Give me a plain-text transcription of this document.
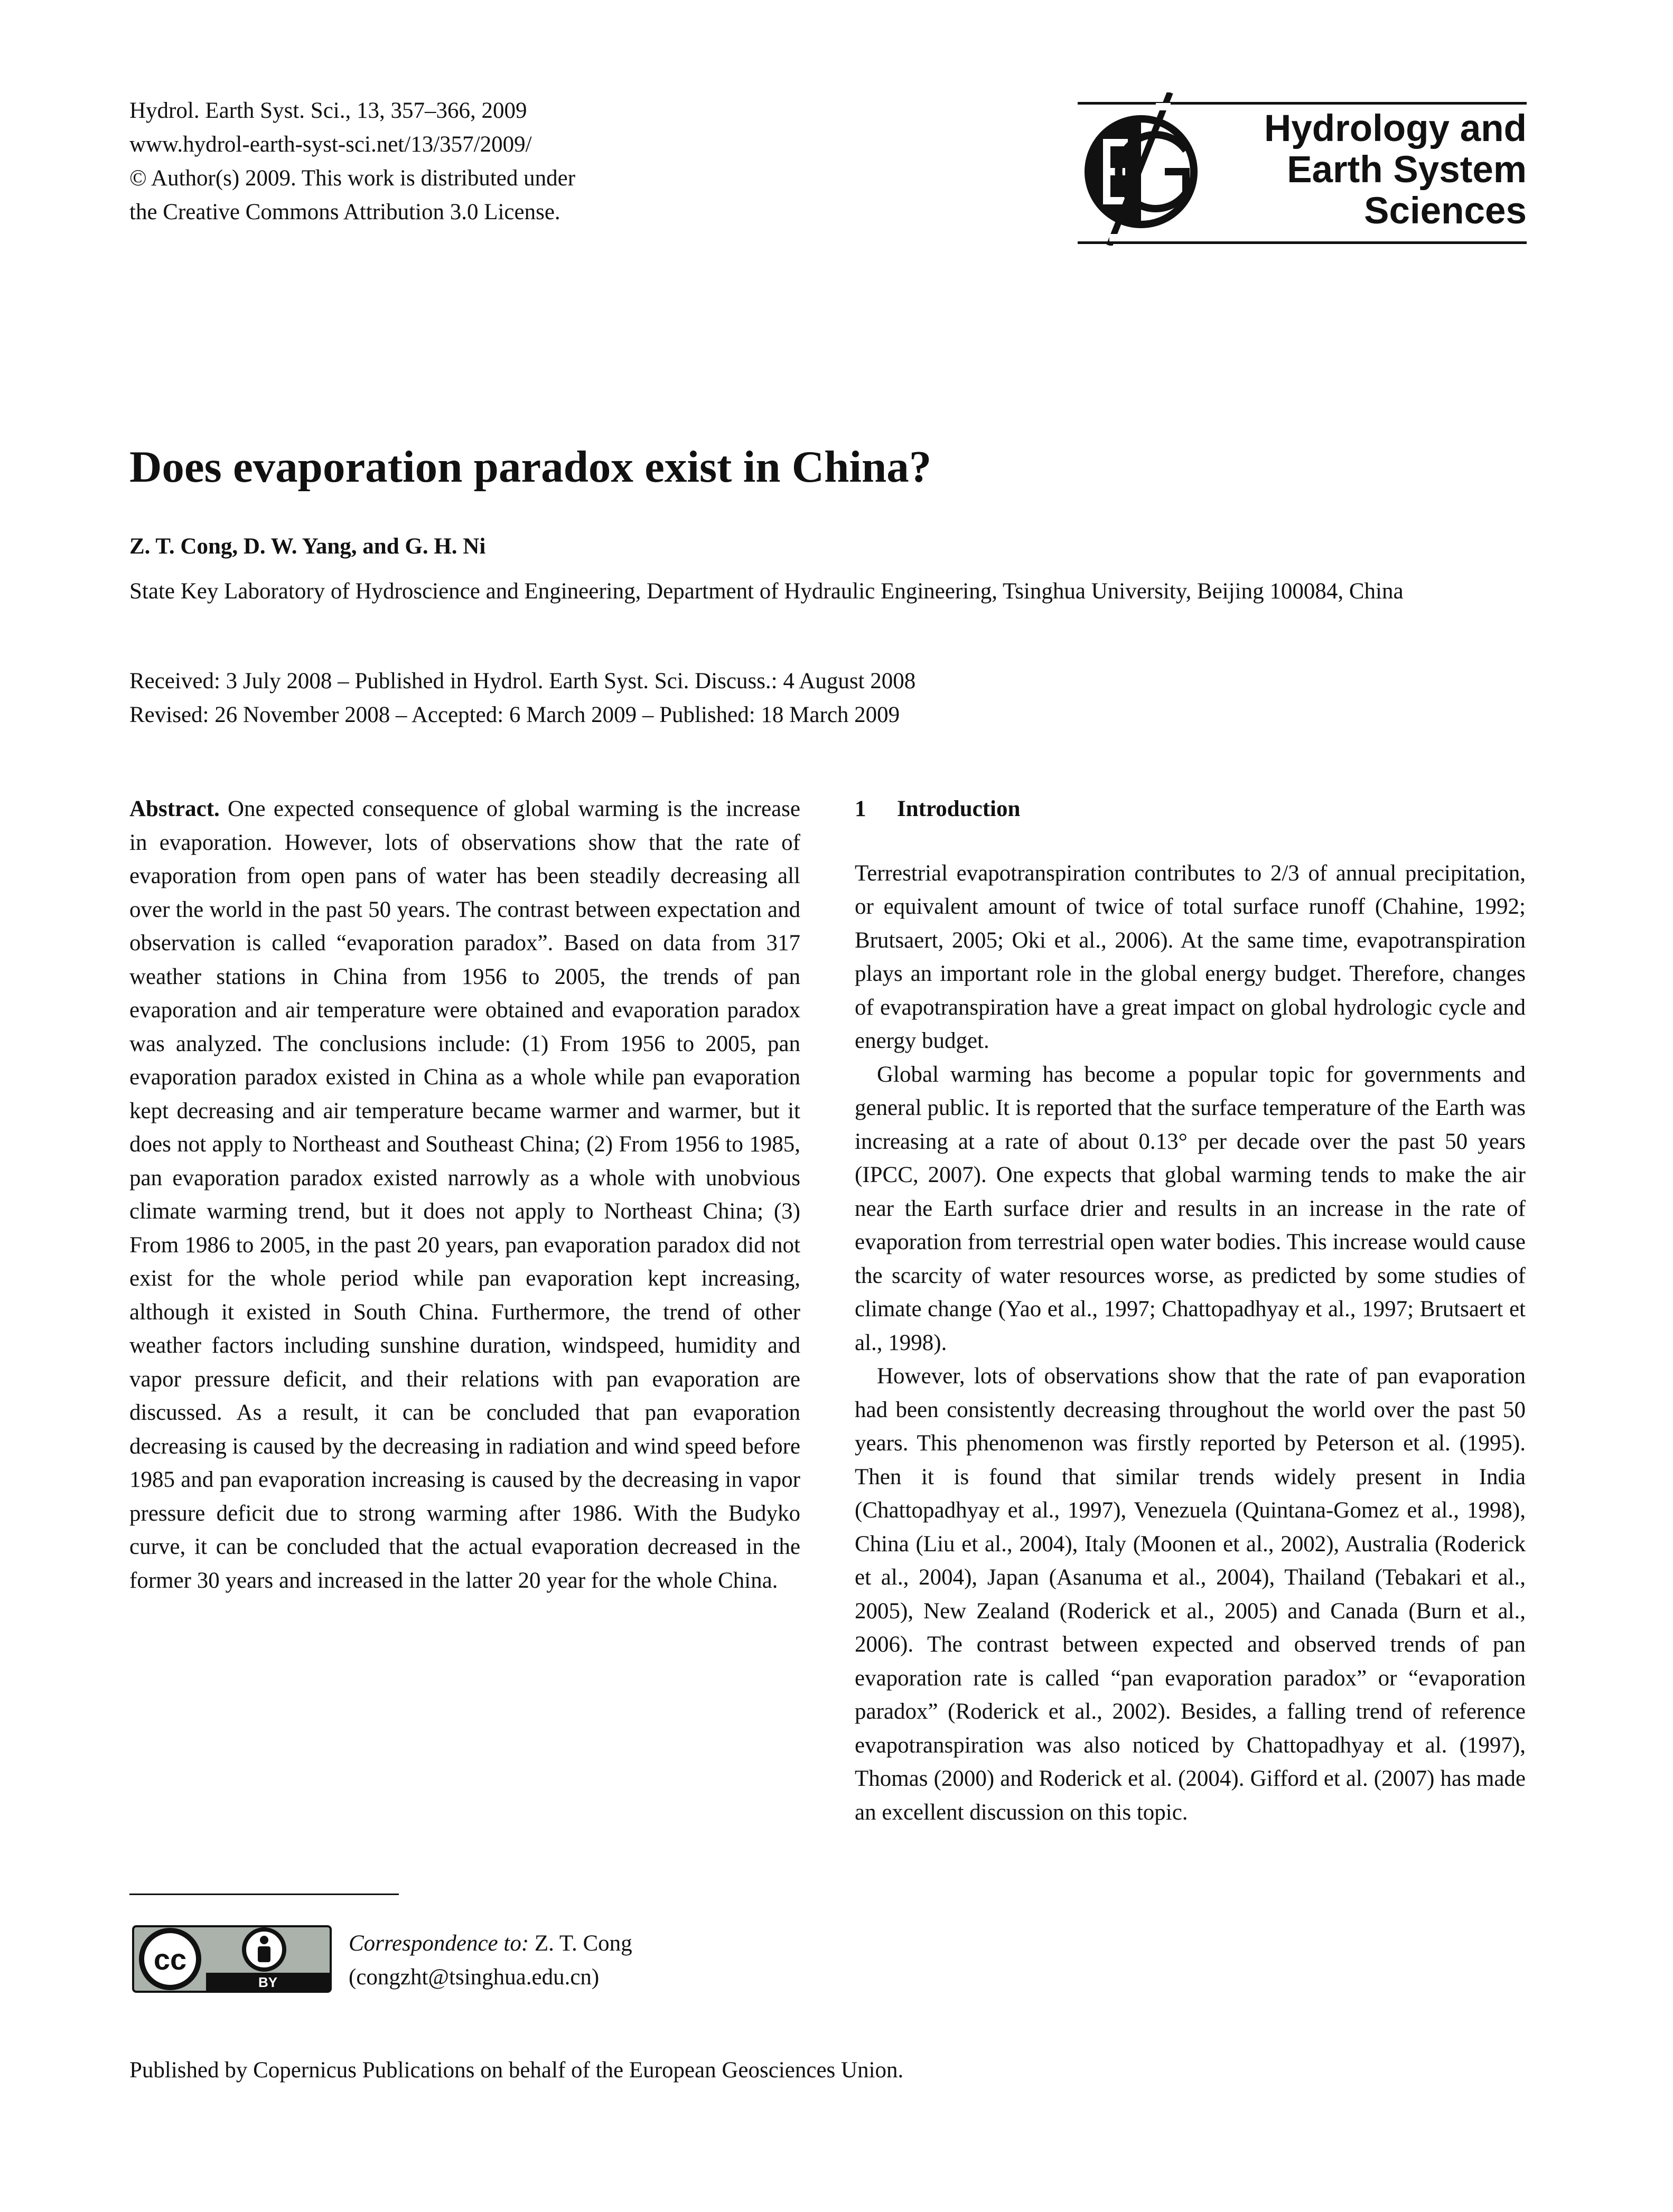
Hydrol. Earth Syst. Sci., 13, 357–366, 2009
www.hydrol-earth-syst-sci.net/13/357/2009/
© Author(s) 2009. This work is distributed under
the Creative Commons Attribution 3.0 License.
Hydrology and
Earth System
Sciences
Does evaporation paradox exist in China?
Z. T. Cong, D. W. Yang, and G. H. Ni
State Key Laboratory of Hydroscience and Engineering, Department of Hydraulic Engineering, Tsinghua University, Beijing 100084, China
Received: 3 July 2008 – Published in Hydrol. Earth Syst. Sci. Discuss.: 4 August 2008
Revised: 26 November 2008 – Accepted: 6 March 2009 – Published: 18 March 2009

Abstract. One expected consequence of global warming is the increase in evaporation. However, lots of observations show that the rate of evaporation from open pans of water has been steadily decreasing all over the world in the past 50 years. The contrast between expectation and observation is called “evaporation paradox”. Based on data from 317 weather stations in China from 1956 to 2005, the trends of pan evaporation and air temperature were obtained and evaporation paradox was analyzed. The conclusions include: (1) From 1956 to 2005, pan evaporation paradox existed in China as a whole while pan evaporation kept decreasing and air temperature became warmer and warmer, but it does not apply to Northeast and Southeast China; (2) From 1956 to 1985, pan evaporation paradox existed narrowly as a whole with unobvious climate warming trend, but it does not apply to Northeast China; (3) From 1986 to 2005, in the past 20 years, pan evaporation paradox did not exist for the whole period while pan evaporation kept increasing, although it existed in South China. Furthermore, the trend of other weather factors including sunshine duration, windspeed, humidity and vapor pressure deficit, and their relations with pan evaporation are discussed. As a result, it can be concluded that pan evaporation decreasing is caused by the decreasing in radiation and wind speed before 1985 and pan evaporation increasing is caused by the decreasing in vapor pressure deficit due to strong warming after 1986. With the Budyko curve, it can be concluded that the actual evaporation decreased in the former 30 years and increased in the latter 20 year for the whole China.

1 Introduction

Terrestrial evapotranspiration contributes to 2/3 of annual precipitation, or equivalent amount of twice of total surface runoff (Chahine, 1992; Brutsaert, 2005; Oki et al., 2006). At the same time, evapotranspiration plays an important role in the global energy budget. Therefore, changes of evapotranspiration have a great impact on global hydrologic cycle and energy budget.

Global warming has become a popular topic for governments and general public. It is reported that the surface temperature of the Earth was increasing at a rate of about 0.13° per decade over the past 50 years (IPCC, 2007). One expects that global warming tends to make the air near the Earth surface drier and results in an increase in the rate of evaporation from terrestrial open water bodies. This increase would cause the scarcity of water resources worse, as predicted by some studies of climate change (Yao et al., 1997; Chattopadhyay et al., 1997; Brutsaert et al., 1998).

However, lots of observations show that the rate of pan evaporation had been consistently decreasing throughout the world over the past 50 years. This phenomenon was firstly reported by Peterson et al. (1995). Then it is found that similar trends widely present in India (Chattopadhyay et al., 1997), Venezuela (Quintana-Gomez et al., 1998), China (Liu et al., 2004), Italy (Moonen et al., 2002), Australia (Roderick et al., 2004), Japan (Asanuma et al., 2004), Thailand (Tebakari et al., 2005), New Zealand (Roderick et al., 2005) and Canada (Burn et al., 2006). The contrast between expected and observed trends of pan evaporation rate is called “pan evaporation paradox” or “evaporation paradox” (Roderick et al., 2002). Besides, a falling trend of reference evapotranspiration was also noticed by Chattopadhyay et al. (1997), Thomas (2000) and Roderick et al. (2004). Gifford et al. (2007) has made an excellent discussion on this topic.

cc
BY
Correspondence to: Z. T. Cong
(congzht@tsinghua.edu.cn)
Published by Copernicus Publications on behalf of the European Geosciences Union.
